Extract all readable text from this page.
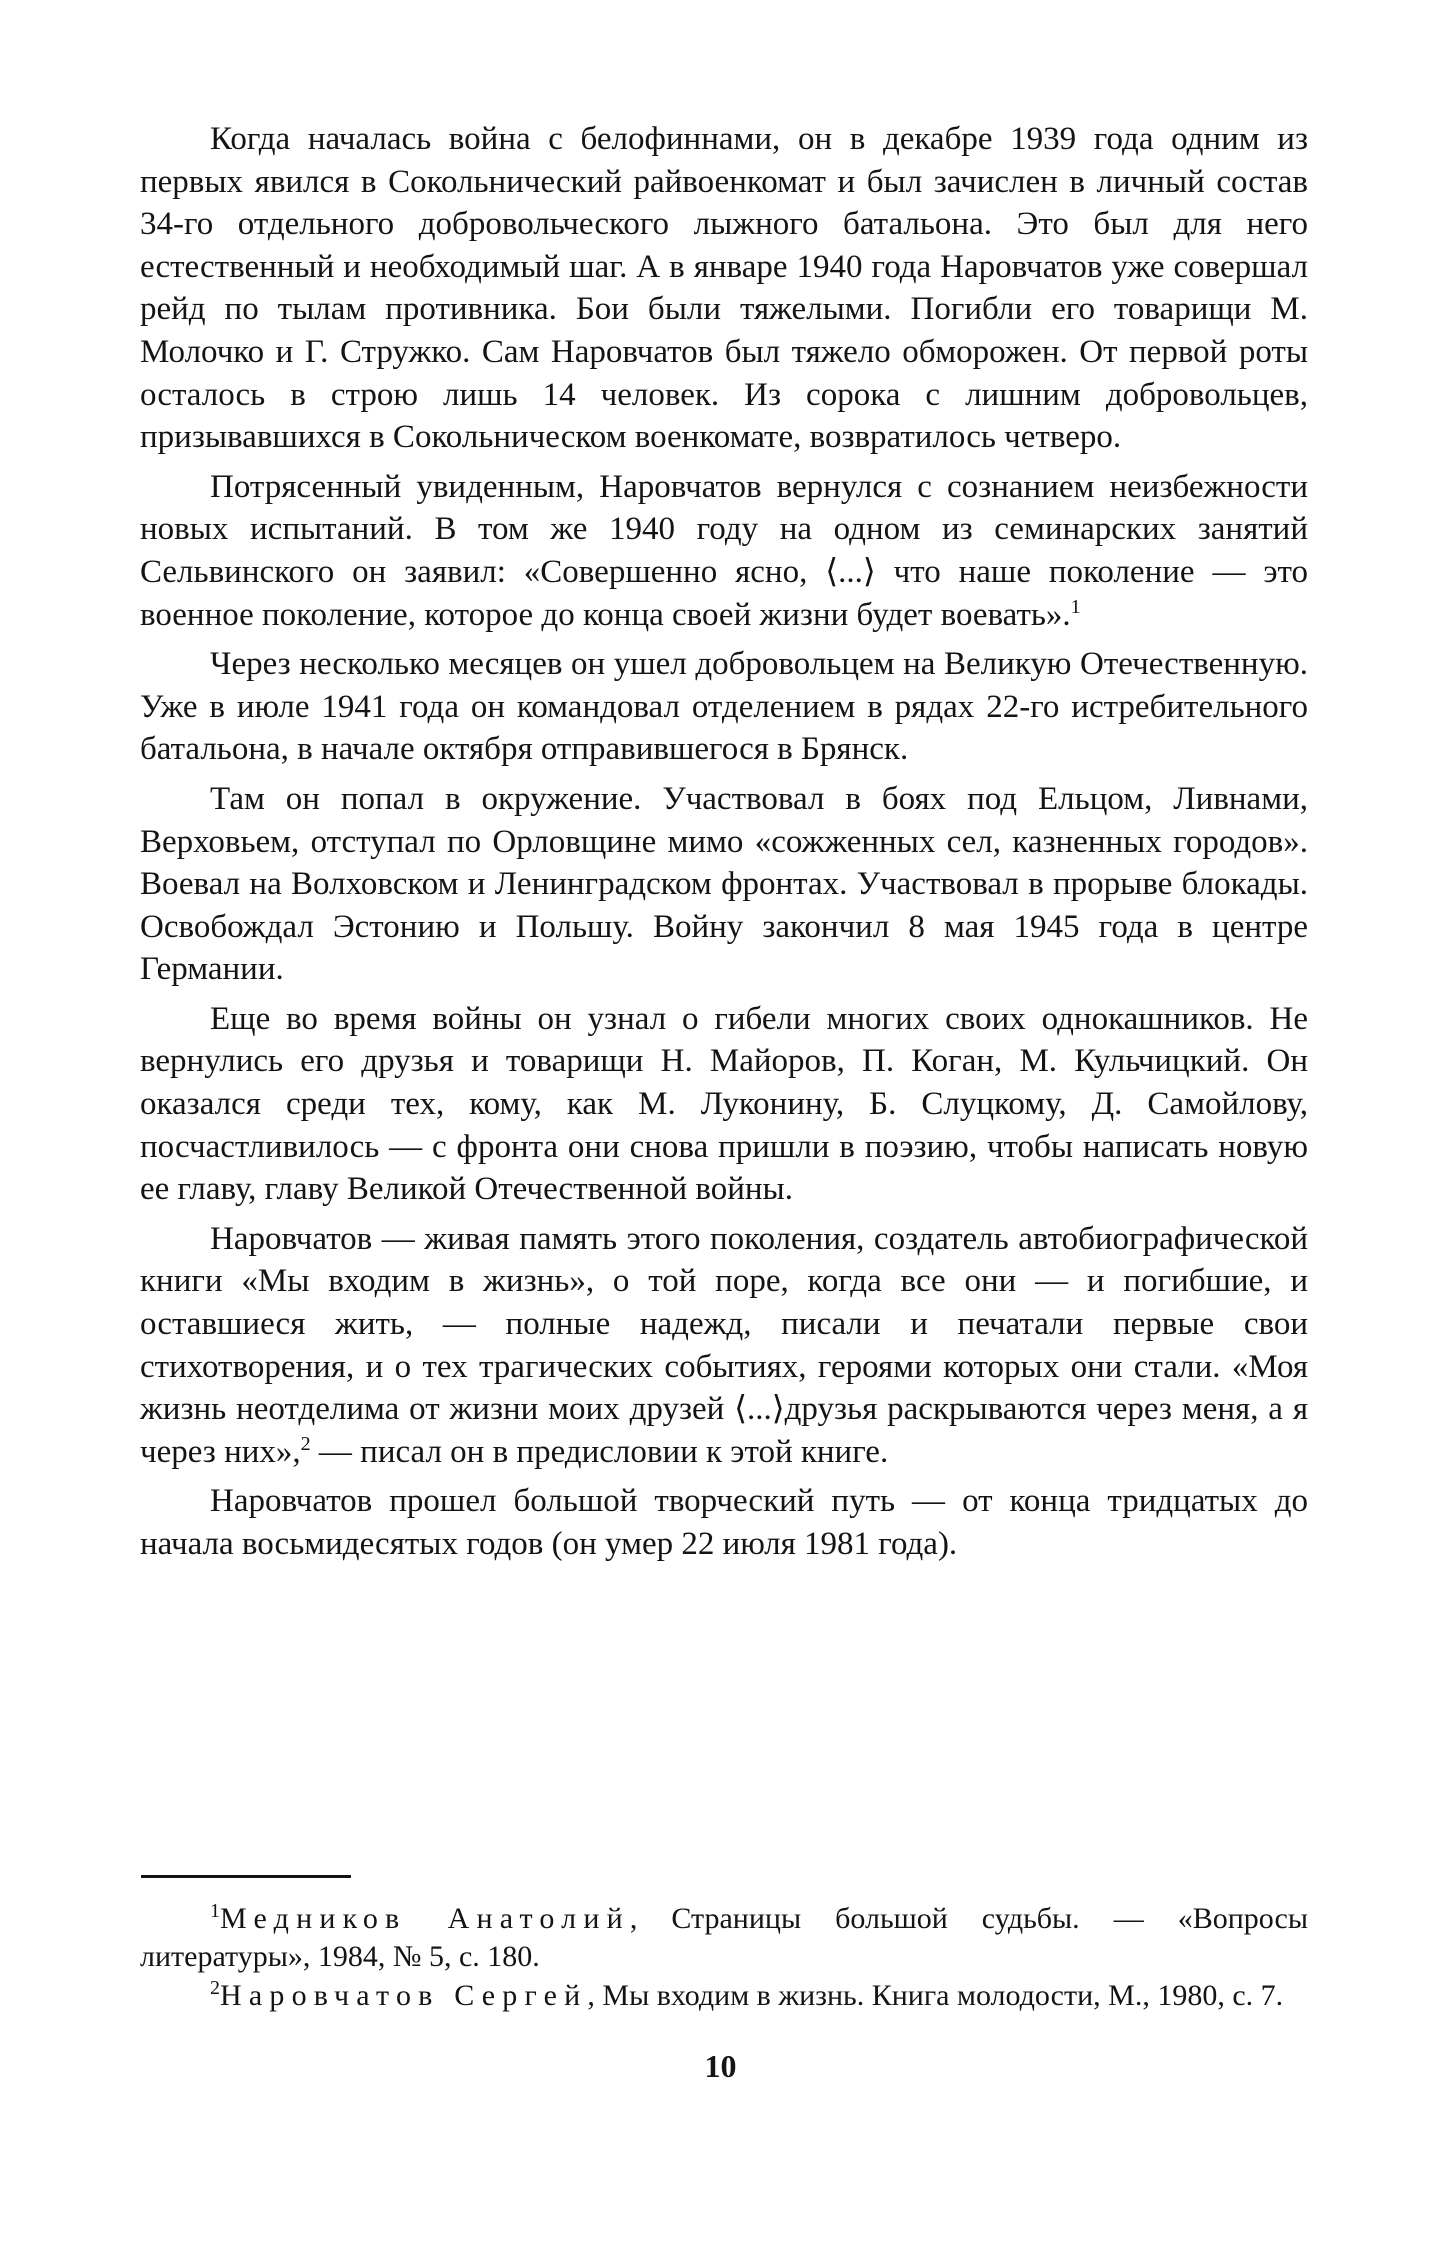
Когда началась война с белофиннами, он в декабре 1939 года одним из первых явился в Сокольнический райвоенкомат и был зачислен в личный состав 34-го отдельного добровольческого лыжного батальона. Это был для него естественный и необходимый шаг. А в январе 1940 года Наровчатов уже совершал рейд по тылам противника. Бои были тяжелыми. Погибли его товарищи М. Молочко и Г. Стружко. Сам Наровчатов был тяжело обморожен. От первой роты осталось в строю лишь 14 человек. Из сорока с лишним добровольцев, призывавшихся в Сокольническом военкомате, возвратилось четверо.

Потрясенный увиденным, Наровчатов вернулся с сознанием неизбежности новых испытаний. В том же 1940 году на одном из семинарских занятий Сельвинского он заявил: «Совершенно ясно, ⟨...⟩ что наше поколение — это военное поколение, которое до конца своей жизни будет воевать».$^1$

Через несколько месяцев он ушел добровольцем на Великую Отечественную. Уже в июле 1941 года он командовал отделением в рядах 22-го истребительного батальона, в начале октября отправившегося в Брянск.

Там он попал в окружение. Участвовал в боях под Ельцом, Ливнами, Верховьем, отступал по Орловщине мимо «сожженных сел, казненных городов». Воевал на Волховском и Ленинградском фронтах. Участвовал в прорыве блокады. Освобождал Эстонию и Польшу. Войну закончил 8 мая 1945 года в центре Германии.

Еще во время войны он узнал о гибели многих своих однокашников. Не вернулись его друзья и товарищи Н. Майоров, П. Коган, М. Кульчицкий. Он оказался среди тех, кому, как М. Луконину, Б. Слуцкому, Д. Самойлову, посчастливилось — с фронта они снова пришли в поэзию, чтобы написать новую ее главу, главу Великой Отечественной войны.

Наровчатов — живая память этого поколения, создатель автобиографической книги «Мы входим в жизнь», о той поре, когда все они — и погибшие, и оставшиеся жить, — полные надежд, писали и печатали первые свои стихотворения, и о тех трагических событиях, героями которых они стали. «Моя жизнь неотделима от жизни моих друзей ⟨...⟩друзья раскрываются через меня, а я через них»,$^2$ — писал он в предисловии к этой книге.

Наровчатов прошел большой творческий путь — от конца тридцатых до начала восьмидесятых годов (он умер 22 июля 1981 года).

$^1$Медников Анатолий, Страницы большой судьбы. — «Вопросы литературы», 1984, № 5, с. 180.

$^2$Наровчатов Сергей, Мы входим в жизнь. Книга молодости, М., 1980, с. 7.

10
